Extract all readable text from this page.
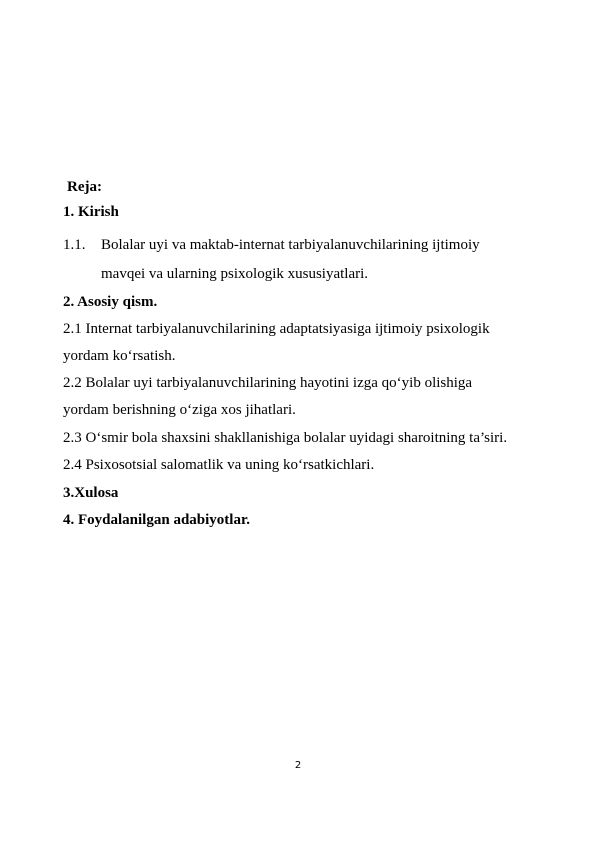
Reja:
1. Kirish
1.1. Bolalar uyi va maktab-internat tarbiyalanuvchilarining ijtimoiy
mavqei va ularning psixologik xususiyatlari.
2. Asosiy qism.
2.1 Internat tarbiyalanuvchilarining adaptatsiyasiga ijtimoiy psixologik
yordam ko‘rsatish.
2.2 Bolalar uyi tarbiyalanuvchilarining hayotini izga qo‘yib olishiga
yordam berishning o‘ziga xos jihatlari.
2.3 O‘smir bola shaxsini shakllanishiga bolalar uyidagi sharoitning ta’siri.
2.4 Psixosotsial salomatlik va uning ko‘rsatkichlari.
3.Xulosa
4. Foydalanilgan adabiyotlar.
2
